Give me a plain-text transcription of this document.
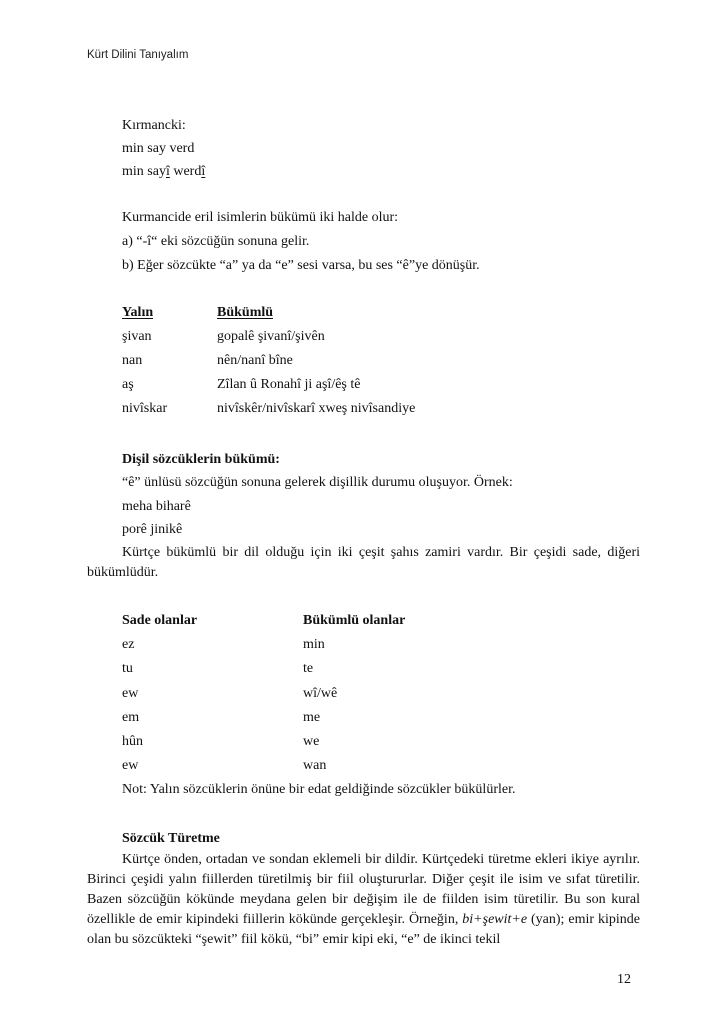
Kürt Dilini Tanıyalım
Kırmancki:
min say verd
min sayî werdî
Kurmancide eril isimlerin bükümü iki halde olur:
a) “-î“ eki sözcüğün sonuna gelir.
b) Eğer sözcükte “a” ya da “e” sesi varsa, bu ses “ê”ye dönüşür.
Yalın	Bükümlü
şivan	gopalê şivanî/şivên
nan	nên/nanî bîne
aş	Zîlan û Ronahî ji aşî/êş tê
nivîskar	nivîskêr/nivîskarî xweş nivîsandiye
Dişil sözcüklerin bükümü:
“ê” ünlüsü sözcüğün sonuna gelerek dişillik durumu oluşuyor. Örnek:
meha biharê
porê jinikê
Kürtçe bükümlü bir dil olduğu için iki çeşit şahıs zamiri vardır. Bir çeşidi sade, diğeri bükümlüdür.
Sade olanlar	Bükümlü olanlar
ez	min
tu	te
ew	wî/wê
em	me
hûn	we
ew	wan
Not: Yalın sözcüklerin önüne bir edat geldiğinde sözcükler bükülürler.
Sözcük Türetme
Kürtçe önden, ortadan ve sondan eklemeli bir dildir. Kürtçedeki türetme ekleri ikiye ayrılır. Birinci çeşidi yalın fiillerden türetilmiş bir fiil oluştururlar. Diğer çeşit ile isim ve sıfat türetilir. Bazen sözcüğün kökünde meydana gelen bir değişim ile de fiilden isim türetilir. Bu son kural özellikle de emir kipindeki fiillerin kökünde gerçekleşir. Örneğin, bi+şewit+e (yan); emir kipinde olan bu sözcükteki “şewit” fiil kökü, “bi” emir kipi eki, “e” de ikinci tekil
12
